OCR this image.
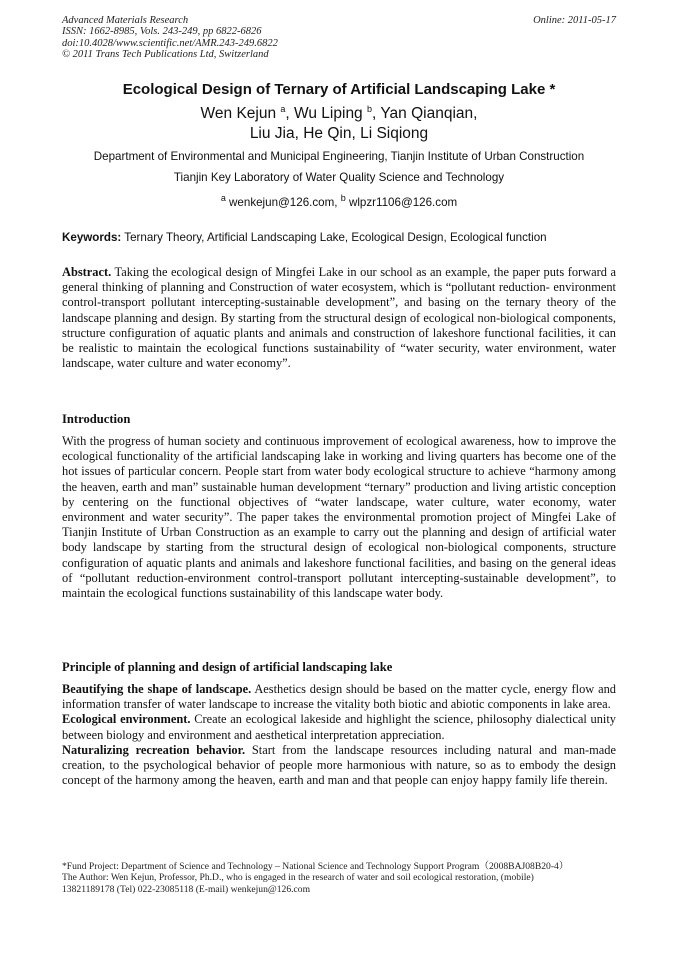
Advanced Materials Research
ISSN: 1662-8985, Vols. 243-249, pp 6822-6826
doi:10.4028/www.scientific.net/AMR.243-249.6822
© 2011 Trans Tech Publications Ltd, Switzerland
Online: 2011-05-17
Ecological Design of Ternary of Artificial Landscaping Lake *
Wen Kejun $^a$, Wu Liping $^b$, Yan Qianqian,
Liu Jia, He Qin, Li Siqiong
Department of Environmental and Municipal Engineering, Tianjin Institute of Urban Construction
Tianjin Key Laboratory of Water Quality Science and Technology
$^a$ wenkejun@126.com, $^b$ wlpzr1106@126.com
Keywords: Ternary Theory, Artificial Landscaping Lake, Ecological Design, Ecological function
Abstract. Taking the ecological design of Mingfei Lake in our school as an example, the paper puts forward a general thinking of planning and Construction of water ecosystem, which is “pollutant reduction- environment control-transport pollutant intercepting-sustainable development”, and basing on the ternary theory of the landscape planning and design. By starting from the structural design of ecological non-biological components, structure configuration of aquatic plants and animals and construction of lakeshore functional facilities, it can be realistic to maintain the ecological functions sustainability of “water security, water environment, water landscape, water culture and water economy”.
Introduction
With the progress of human society and continuous improvement of ecological awareness, how to improve the ecological functionality of the artificial landscaping lake in working and living quarters has become one of the hot issues of particular concern. People start from water body ecological structure to achieve “harmony among the heaven, earth and man” sustainable human development “ternary” production and living artistic conception by centering on the functional objectives of “water landscape, water culture, water economy, water environment and water security”. The paper takes the environmental promotion project of Mingfei Lake of Tianjin Institute of Urban Construction as an example to carry out the planning and design of artificial water body landscape by starting from the structural design of ecological non-biological components, structure configuration of aquatic plants and animals and lakeshore functional facilities, and basing on the general ideas of “pollutant reduction-environment control-transport pollutant intercepting-sustainable development”, to maintain the ecological functions sustainability of this landscape water body.
Principle of planning and design of artificial landscaping lake

Beautifying the shape of landscape. Aesthetics design should be based on the matter cycle, energy flow and information transfer of water landscape to increase the vitality both biotic and abiotic components in lake area.

Ecological environment. Create an ecological lakeside and highlight the science, philosophy dialectical unity between biology and environment and aesthetical interpretation appreciation.

Naturalizing recreation behavior. Start from the landscape resources including natural and man-made creation, to the psychological behavior of people more harmonious with nature, so as to embody the design concept of the harmony among the heaven, earth and man and that people can enjoy happy family life therein.

*Fund Project: Department of Science and Technology – National Science and Technology Support Program（2008BAJ08B20-4）
The Author: Wen Kejun, Professor, Ph.D., who is engaged in the research of water and soil ecological restoration, (mobile)
13821189178 (Tel) 022-23085118 (E-mail) wenkejun@126.com
